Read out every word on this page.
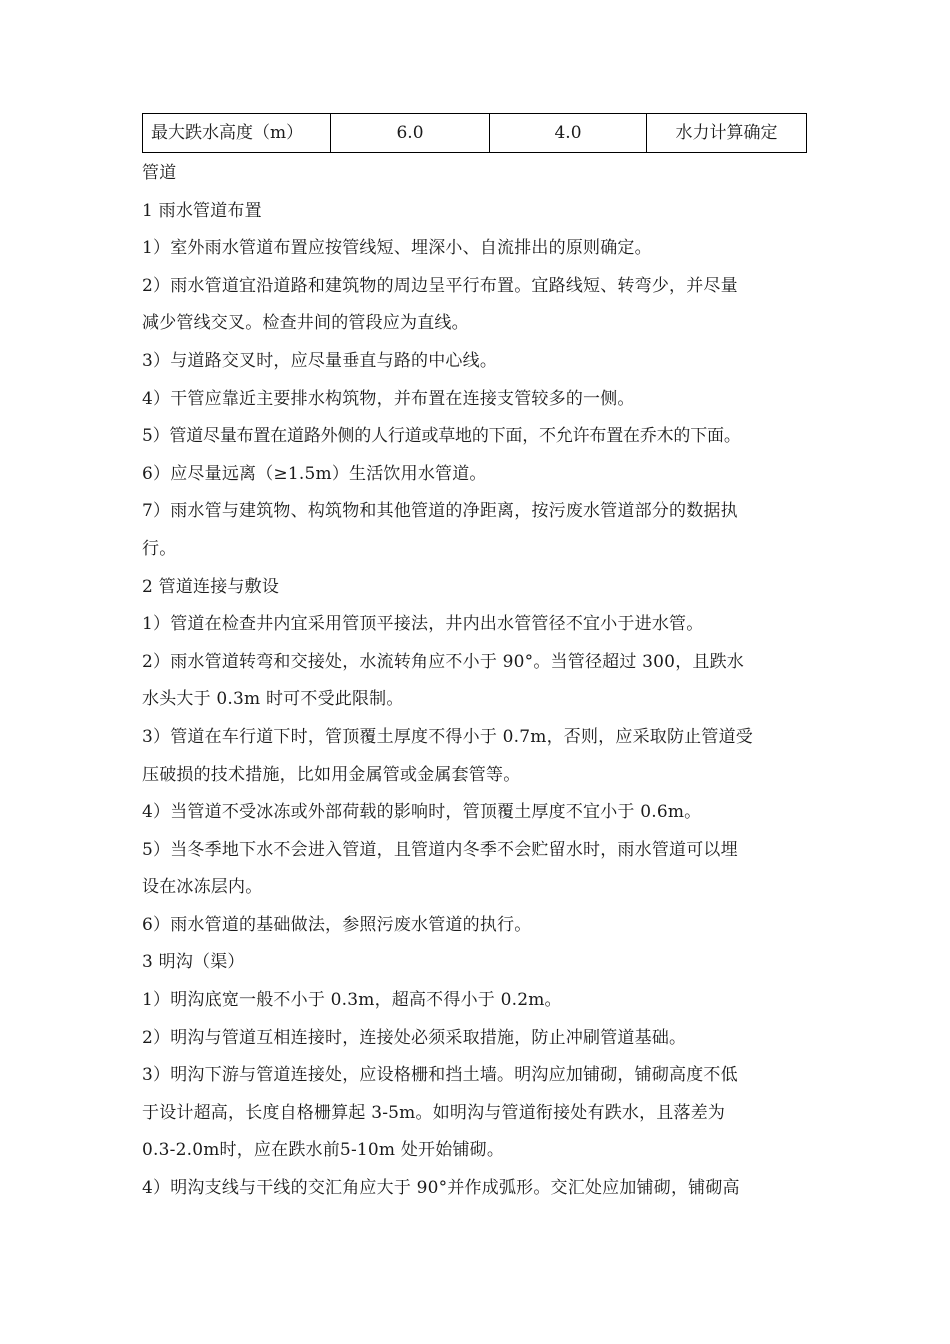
最大跌水高度（m）	6.0	4.0	水力计算确定
管道
1 雨水管道布置
1）室外雨水管道布置应按管线短、埋深小、自流排出的原则确定。
2）雨水管道宜沿道路和建筑物的周边呈平行布置。宜路线短、转弯少，并尽量
减少管线交叉。检查井间的管段应为直线。
3）与道路交叉时，应尽量垂直与路的中心线。
4）干管应靠近主要排水构筑物，并布置在连接支管较多的一侧。
5）管道尽量布置在道路外侧的人行道或草地的下面，不允许布置在乔木的下面。
6）应尽量远离（≥1.5m）生活饮用水管道。
7）雨水管与建筑物、构筑物和其他管道的净距离，按污废水管道部分的数据执
行。
2 管道连接与敷设
1）管道在检查井内宜采用管顶平接法，井内出水管管径不宜小于进水管。
2）雨水管道转弯和交接处，水流转角应不小于 90°。当管径超过 300，且跌水
水头大于 0.3m 时可不受此限制。
3）管道在车行道下时，管顶覆土厚度不得小于 0.7m，否则，应采取防止管道受
压破损的技术措施，比如用金属管或金属套管等。
4）当管道不受冰冻或外部荷载的影响时，管顶覆土厚度不宜小于 0.6m。
5）当冬季地下水不会进入管道，且管道内冬季不会贮留水时，雨水管道可以埋
设在冰冻层内。
6）雨水管道的基础做法，参照污废水管道的执行。
3 明沟（渠）
1）明沟底宽一般不小于 0.3m，超高不得小于 0.2m。
2）明沟与管道互相连接时，连接处必须采取措施，防止冲刷管道基础。
3）明沟下游与管道连接处，应设格栅和挡土墙。明沟应加铺砌，铺砌高度不低
于设计超高，长度自格栅算起 3-5m。如明沟与管道衔接处有跌水，且落差为
0.3-2.0m时，应在跌水前5-10m 处开始铺砌。
4）明沟支线与干线的交汇角应大于 90°并作成弧形。交汇处应加铺砌，铺砌高
